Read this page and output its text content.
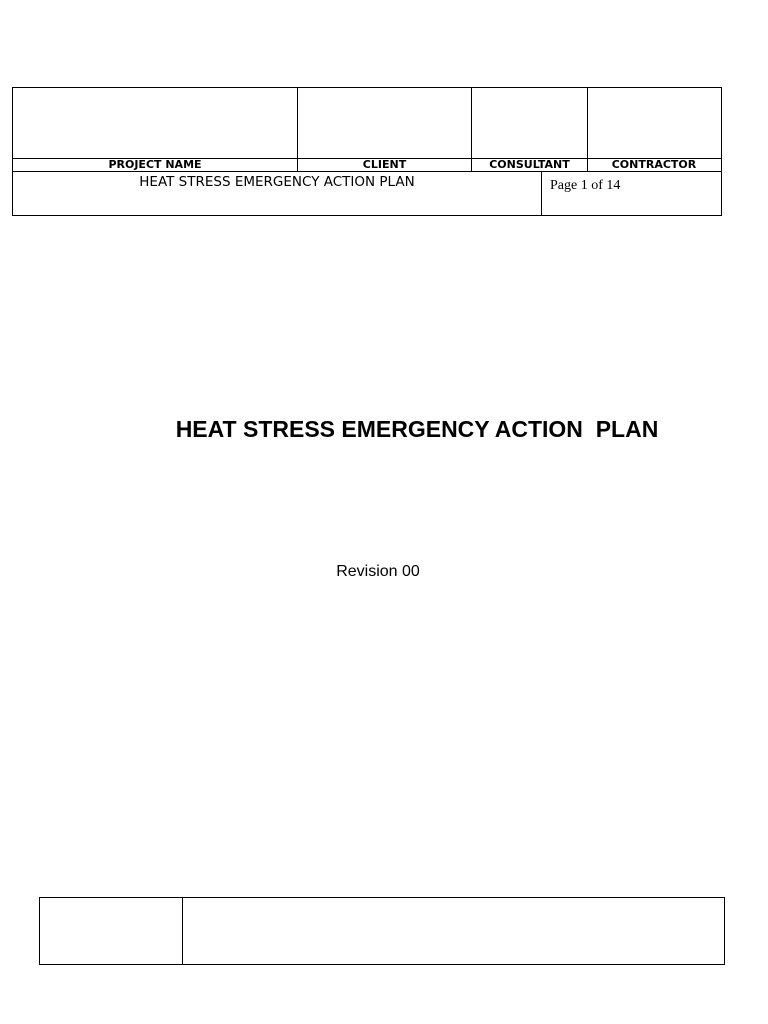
PROJECT NAME	CLIENT	CONSULTANT	CONTRACTOR
HEAT STRESS EMERGENCY ACTION PLAN	Page 1 of 14
HEAT STRESS EMERGENCY ACTION  PLAN
Revision 00
